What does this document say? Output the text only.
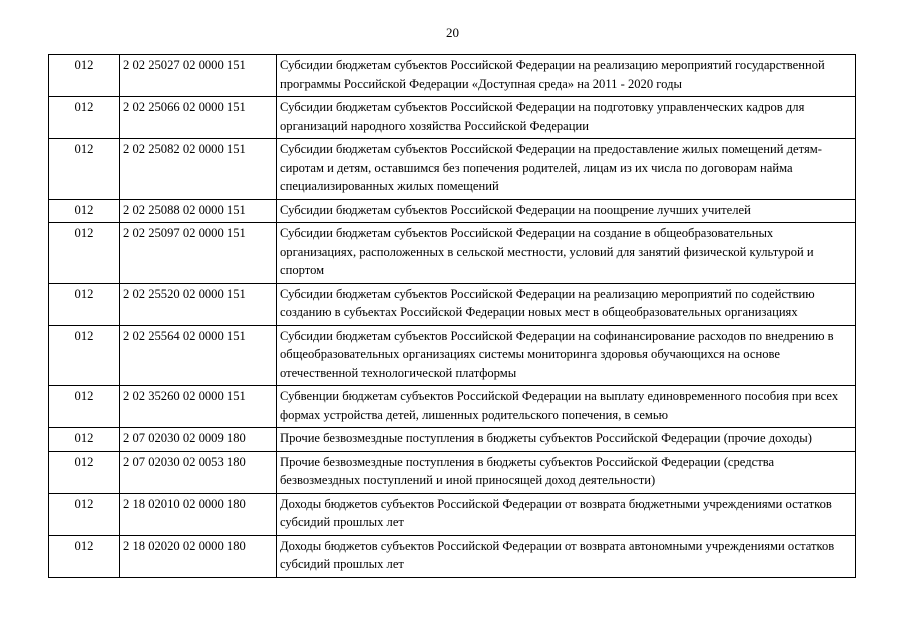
20
012	2 02 25027 02 0000 151	Субсидии бюджетам субъектов Российской Федерации на реализацию мероприятий государственной программы Российской Федерации «Доступная среда» на 2011 - 2020 годы
012	2 02 25066 02 0000 151	Субсидии бюджетам субъектов Российской Федерации на подготовку управленческих кадров для организаций народного хозяйства Российской Федерации
012	2 02 25082 02 0000 151	Субсидии бюджетам субъектов Российской Федерации на предоставление жилых помещений детям-сиротам и детям, оставшимся без попечения родителей, лицам из их числа по договорам найма специализированных жилых помещений
012	2 02 25088 02 0000 151	Субсидии бюджетам субъектов Российской Федерации на поощрение лучших учителей
012	2 02 25097 02 0000 151	Субсидии бюджетам субъектов Российской Федерации на создание в общеобразовательных организациях, расположенных в сельской местности, условий для занятий физической культурой и спортом
012	2 02 25520 02 0000 151	Субсидии бюджетам субъектов Российской Федерации на реализацию мероприятий по содействию созданию в субъектах Российской Федерации новых мест в общеобразовательных организациях
012	2 02 25564 02 0000 151	Субсидии бюджетам субъектов Российской Федерации на софинансирование расходов по внедрению в общеобразовательных организациях системы мониторинга здоровья обучающихся на основе отечественной технологической платформы
012	2 02 35260 02 0000 151	Субвенции бюджетам субъектов Российской Федерации на выплату единовременного пособия при всех формах устройства детей, лишенных родительского попечения, в семью
012	2 07 02030 02 0009 180	Прочие безвозмездные поступления в бюджеты субъектов Российской Федерации (прочие доходы)
012	2 07 02030 02 0053 180	Прочие безвозмездные поступления в бюджеты субъектов Российской Федерации (средства безвозмездных поступлений и иной приносящей доход деятельности)
012	2 18 02010 02 0000 180	Доходы бюджетов субъектов Российской Федерации от возврата бюджетными учреждениями остатков субсидий прошлых лет
012	2 18 02020 02 0000 180	Доходы бюджетов субъектов Российской Федерации от возврата автономными учреждениями остатков субсидий прошлых лет
